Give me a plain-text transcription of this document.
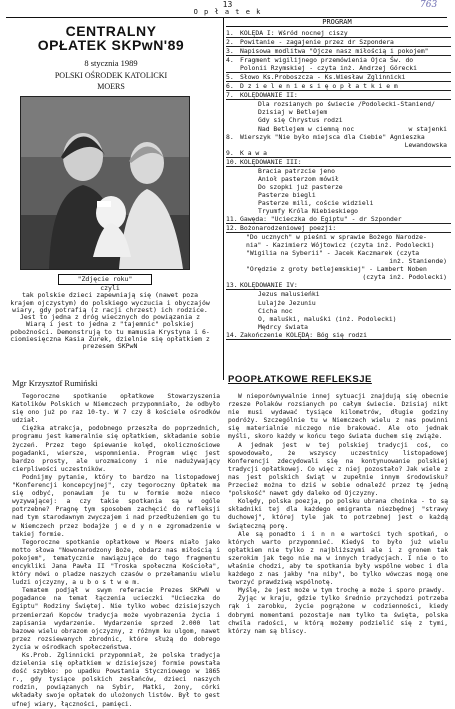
13
O p ł a t e k
763
CENTRALNY
OPŁATEK SKPwN'89
8 stycznia 1989
POLSKI OŚRODEK KATOLICKI
MOERS
"Zdjęcie roku"
czyli
tak polskie dzieci zapewniają się (nawet poza krajem ojczystym) do polskiego wyczucia i obyczajów wiary, gdy potrafią (z racji chrzest) ich rodzice. Jest to jedna z dróg wiecznych do powiązania z Wiarą i jest to jedna z "tajemnic" polskiej pobożności. Demonstrują to tu mamusia Krystyna i 6-ciomiesięczna Kasia Zurek, dzielnie się opłatkiem z prezesem SKPwN
Mgr Krzysztof Rumiński
PROGRAM
1. KOLĘDA I: Wśród nocnej ciszy
2. Powitanie - zagajenie przez dr Szpondera
3. Napisowa modlitwa "Ojcze nasz miłością i pokojem"
4. Fragment wigilijnego przemówienia Ojca Św. do
Polonii Rzymskiej - czyta inż. Andrzej Górecki
5. Słowo Ks.Proboszcza - Ks.Wiesław Zglinnicki
6. D z i e l e n i e s i ę o p ł a t k i e m
7. KOLĘDOWANIE II:
Dla rozsianych po świecie /Podolecki-Staniend/
Dzisiaj w Betlejem
Gdy się Chrystus rodzi
Nad Betlejem w ciemną noc	w stajenki
8. Wierszyk "Nie było miejsca dla Ciebie" Agnieszka
Lewandowska
9. K a w a
10. KOLĘDOWANIE III:
Bracia patrzcie jeno
Anioł pasterzom mówił
Do szopki już pasterze
Pasterze biegli
Pasterze mili, coście widzieli
Tryumfy Króla Niebieskiego
11. Gawęda: "Ucieczka do Egiptu" - dr Szponder
12. Bożonarodzeniowej poezji:
"Do ucznych" w pieśni w sprawie Bożego Narodze-
nia" - Kazimierz Wójtowicz (czyta inż. Podolecki)
"Wigilia na Syberii" - Jacek Kaczmarek (czyta
inż. Staniende)
"Orędzie z groty betlejemskiej" - Lambert Noben
(czyta inż. Podolecki)
13. KOLĘDOWANIE IV:
Jezus malusieńki
Lulajże Jezuniu
Cicha noc
O, maluśki, maluśki (inż. Podolecki)
Mędrcy świata
14. Zakończenie KOLĘDĄ: Bóg się rodzi
POOPŁATKOWE REFLEKSJE

Tegoroczne spotkanie opłatkowe Stowarzyszenia Katolików Polskich w Niemczech przypomniało, że odbyło się ono już po raz 10-ty. W 7 czy 8 kościele ośrodków udział.

Ciężka atrakcja, podobnego przeszła do poprzednich, programu jest kameralnie się opłatkiem, składanie sobie życzeń. Przez tego śpiewanie kolęd, okolicznościowe pogadanki, wiersze, wspomnienia. Program więc jest bardzo prosty, ale urozmaicony i nie nadużywający cierpliwości uczestników.

Podnijmy pytanie, który to bardzo na listopadowej "Konferencji koncepcyjnej", czy tegoroczny Opłatek ma się odbyć, ponawiam je tu w formie może nieco wyzywającej: a czy takie spotkania są w ogóle potrzebne? Pragnę tym sposobem zachęcić do refleksji nad tym starodawnym zwyczajem i nad przedłużeniem go tu w Niemczech przez bodajże j e d y n e zgromadzenie w takiej formie.

Tegoroczne spotkanie opłatkowe w Moers miało jako motto słowa "Nowonarodzony Boże, obdarz nas miłością i pokojem", tematycznie nawiązujące do tego fragmentu encykliki Jana Pawła II "Troska społeczna Kościoła", który mówi o pladze naszych czasów o przełamaniu wielu ludzi ojczyzny, a u b o s t w e m.

Tematem podjął w swym referacie Prezes SKPwN w pogadance na temat łączenia ucieczki "Ucieczka do Egiptu" Rodziny Świętej. Nie tylko wobec dzisiejszych przemierzań Kopców tradycja może wyobrazenia życia i zapisania wydarzenie. Wydarzenie sprzed 2.000 lat bazowe wielu obrazom ojczyzny, z różnym ku ulgom, nawet przez rozsiewanych zbrodnic, które służą do dobrego życia w ośrodkach społeczeństwa.

Ks.Prob. Zglinnicki przypomniał, że polska tradycja dzielenia się opłatkiem w dzisiejszej formie powstała dość szybko: po upadku Powstania Styczniowego w 1865 r., gdy tysiące polskich zesłańców, dzieci naszych rodzin, powiązanych na Sybir, Matki, żony, córki wkładały swoje opłatek do ulożonych listów. Był to gest ufnej wiary, łączności, pamięci.

W nieporównywalnie innej sytuacji znajdują się obecnie rzesze Polaków rozsianych po całym świecie. Dzisiaj nikt nie musi wydawać tysiące kilometrów, długie godziny podróży. Szczególnie tu w Niemczech wielu z nas powinni się materialnie niczego nie brakować. Ale oto jednak myśli, skoro każdy w końcu tego świata duchem się zwiąże.

A jednak jest w tej polskiej tradycji coś, co spowodowało, że wszyscy uczestnicy listopadowej Konferencji zdecydowali się na kontynuowanie polskiej tradycji opłatkowej. Co więc z niej pozostało? Jak wiele z nas jest polskich świąt w zupełnie innym środowisku? Przecież można to dziś w sobie odnaleźć przez tę jedną "polskość" nawet gdy daleko od Ojczyzny.

Kolędy, polska poezja, po polsku ubrana choinka - to są składniki tej dla każdego emigranta niezbędnej "strawy duchowej", której tyle jak to potrzebnej jest o każdą świąteczną porę.

Ale są ponadto i i n n e wartości tych spotkań, o których warto przypomnieć. Kiedyś to było już wielu opłatkiem nie tylko z najbliższymi ale i z gronem tak szerokim jak tego nie ma w innych tradycjach. I nie o to właśnie chodzi, aby te spotkania były wspólne wobec i dla każdego z nas jakby "na niby", bo tylko wówczas mogą one tworzyć prawdziwą wspólnotę.

Myślę, że jest może w tym trochę a może i sporo prawdy.

Żyjąc w kraju, gdzie tylko średnio przychodzi potrzeba rąk i zarobku, życie pogrążone w codzienności, kiedy dobrymi momentami pozostaje nam tylko ta święta, polska chwila radości, w którą możemy podzielić się z tymi, którzy nam są bliscy.
